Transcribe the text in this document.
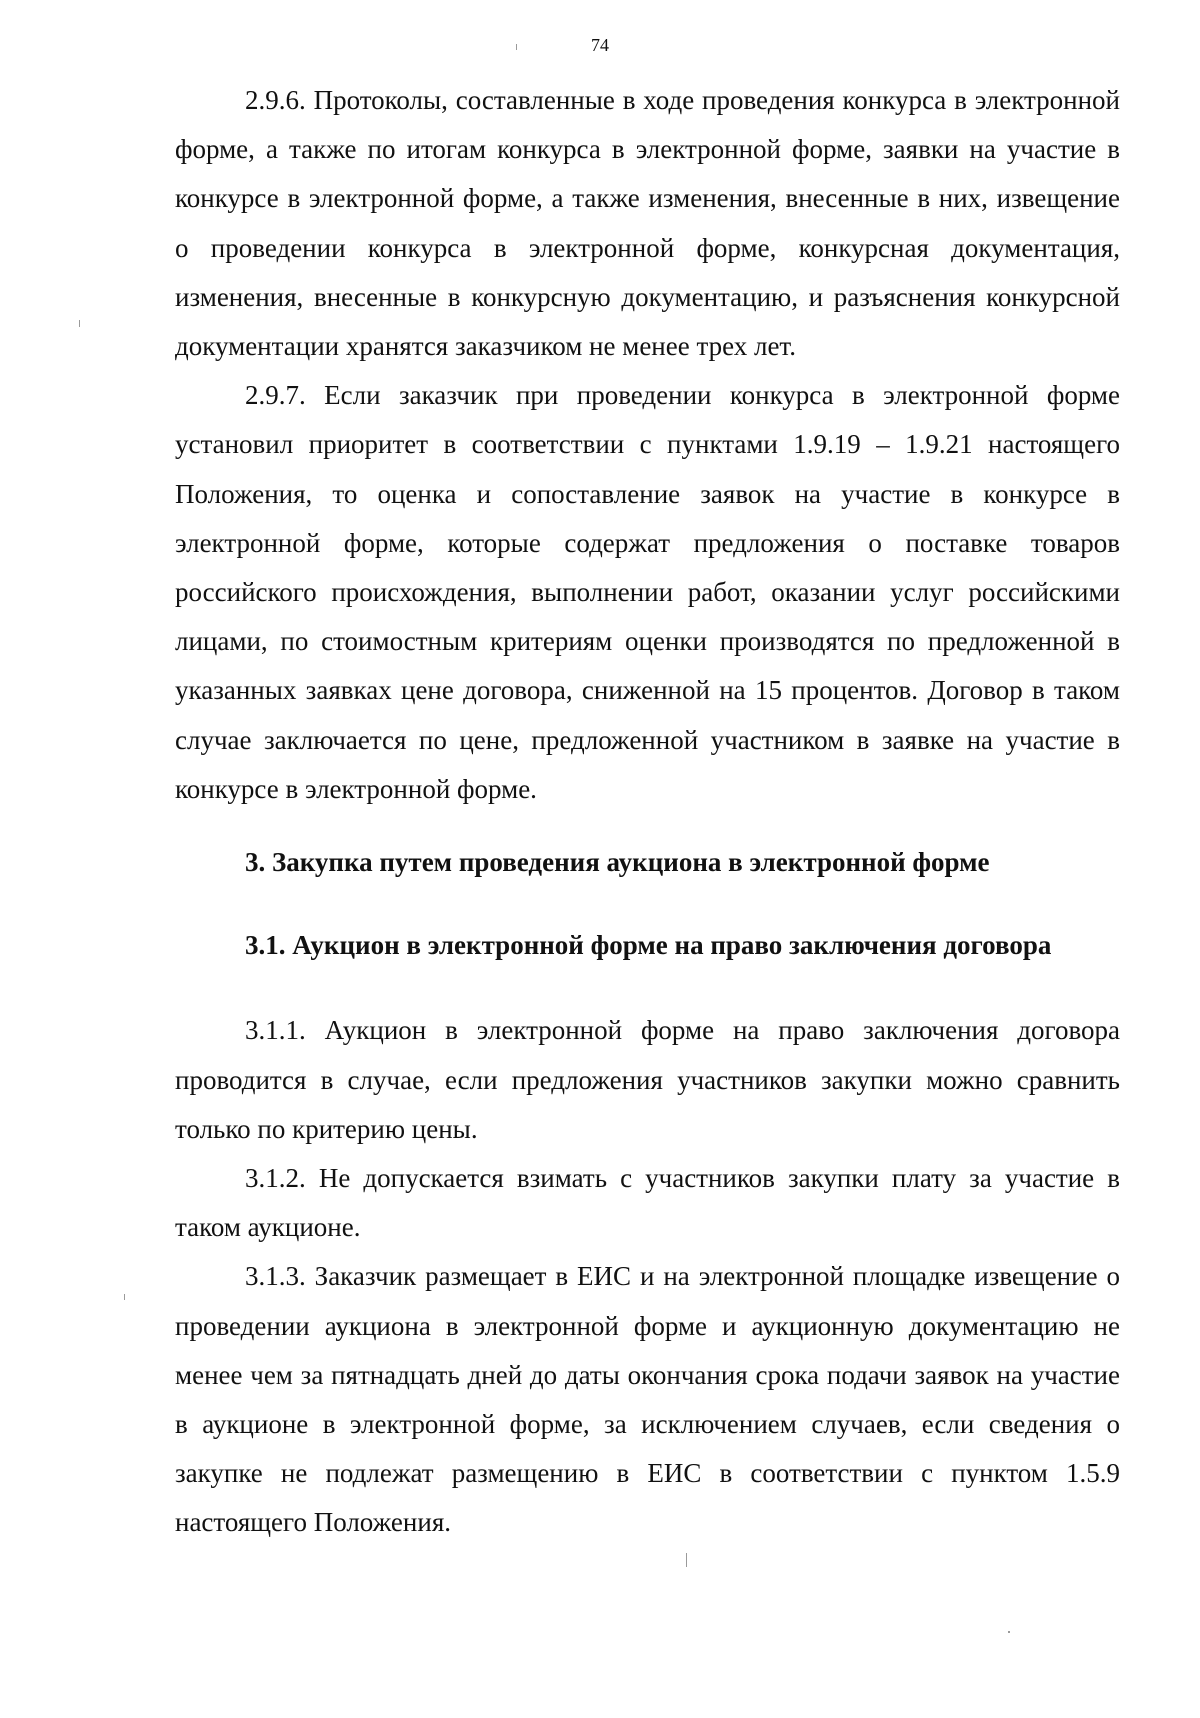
74

2.9.6. Протоколы, составленные в ходе проведения конкурса в электронной форме, а также по итогам конкурса в электронной форме, заявки на участие в конкурсе в электронной форме, а также изменения, внесенные в них, извещение о проведении конкурса в электронной форме, конкурсная документация, изменения, внесенные в конкурсную документацию, и разъяснения конкурсной документации хранятся заказчиком не менее трех лет.

2.9.7. Если заказчик при проведении конкурса в электронной форме установил приоритет в соответствии с пунктами 1.9.19 – 1.9.21 настоящего Положения, то оценка и сопоставление заявок на участие в конкурсе в электронной форме, которые содержат предложения о поставке товаров российского происхождения, выполнении работ, оказании услуг российскими лицами, по стоимостным критериям оценки производятся по предложенной в указанных заявках цене договора, сниженной на 15 процентов. Договор в таком случае заключается по цене, предложенной участником в заявке на участие в конкурсе в электронной форме.

3. Закупка путем проведения аукциона в электронной форме
3.1. Аукцион в электронной форме на право заключения договора

3.1.1. Аукцион в электронной форме на право заключения договора проводится в случае, если предложения участников закупки можно сравнить только по критерию цены.

3.1.2. Не допускается взимать с участников закупки плату за участие в таком аукционе.

3.1.3. Заказчик размещает в ЕИС и на электронной площадке извещение о проведении аукциона в электронной форме и аукционную документацию не менее чем за пятнадцать дней до даты окончания срока подачи заявок на участие в аукционе в электронной форме, за исключением случаев, если сведения о закупке не подлежат размещению в ЕИС в соответствии с пунктом 1.5.9 настоящего Положения.
